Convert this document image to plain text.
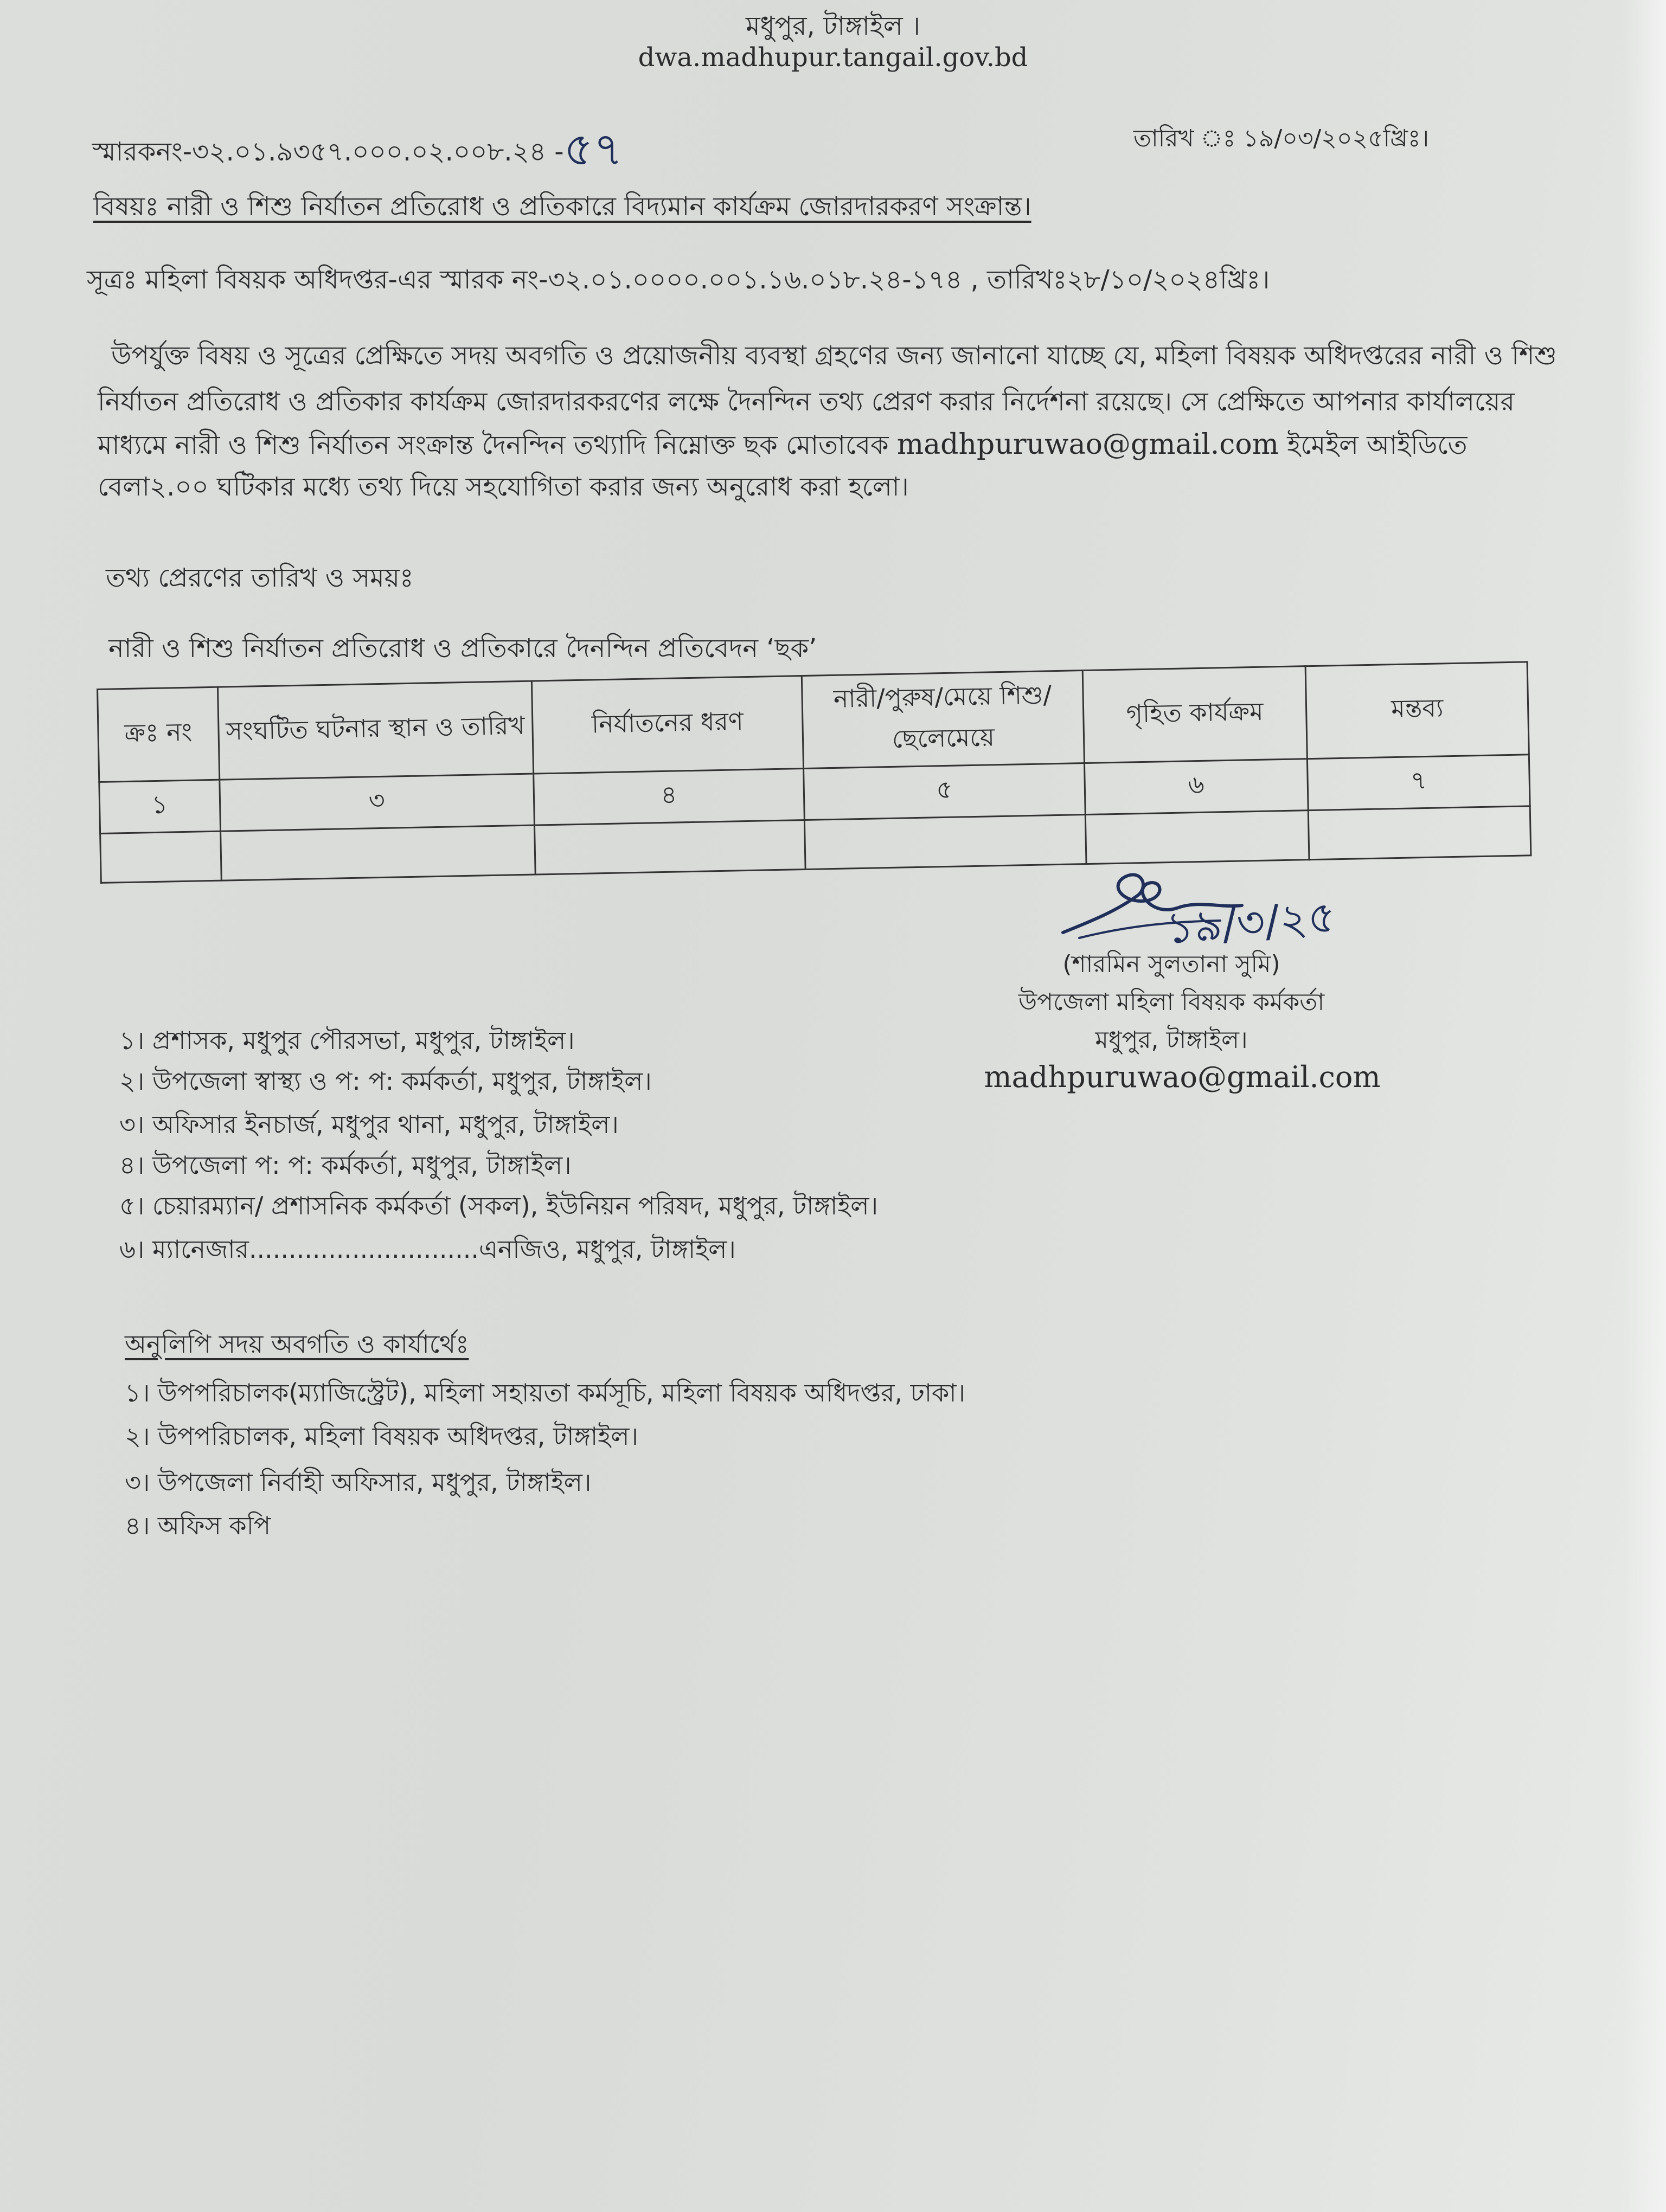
মধুপুর, টাঙ্গাইল ।
dwa.madhupur.tangail.gov.bd
স্মারকনং-৩২.০১.৯৩৫৭.০০০.০২.০০৮.২৪ -৫৭	তারিখ ঃ ১৯/০৩/২০২৫খ্রিঃ।
বিষয়ঃ নারী ও শিশু নির্যাতন প্রতিরোধ ও প্রতিকারে বিদ্যমান কার্যক্রম জোরদারকরণ সংক্রান্ত।
সূত্রঃ মহিলা বিষয়ক অধিদপ্তর-এর স্মারক নং-৩২.০১.০০০০.০০১.১৬.০১৮.২৪-১৭৪ , তারিখঃ২৮/১০/২০২৪খ্রিঃ।
উপর্যুক্ত বিষয় ও সূত্রের প্রেক্ষিতে সদয় অবগতি ও প্রয়োজনীয় ব্যবস্থা গ্রহণের জন্য জানানো যাচ্ছে যে, মহিলা বিষয়ক অধিদপ্তরের নারী ও শিশু
নির্যাতন প্রতিরোধ ও প্রতিকার কার্যক্রম জোরদারকরণের লক্ষে দৈনন্দিন তথ্য প্রেরণ করার নির্দেশনা রয়েছে। সে প্রেক্ষিতে আপনার কার্যালয়ের
মাধ্যমে নারী ও শিশু নির্যাতন সংক্রান্ত দৈনন্দিন তথ্যাদি নিম্নোক্ত ছক মোতাবেক madhpuruwao@gmail.com ইমেইল আইডিতে
বেলা২.০০ ঘটিকার মধ্যে তথ্য দিয়ে সহযোগিতা করার জন্য অনুরোধ করা হলো।
তথ্য প্রেরণের তারিখ ও সময়ঃ
নারী ও শিশু নির্যাতন প্রতিরোধ ও প্রতিকারে দৈনন্দিন প্রতিবেদন ‘ছক’
ক্রঃ নং	সংঘটিত ঘটনার স্থান ও তারিখ	নির্যাতনের ধরণ	নারী/পুরুষ/মেয়ে শিশু/ছেলেমেয়ে	গৃহিত কার্যক্রম	মন্তব্য
১	৩	৪	৫	৬	৭

১৯/৩/২৫
(শারমিন সুলতানা সুমি)
উপজেলা মহিলা বিষয়ক কর্মকর্তা
মধুপুর, টাঙ্গাইল।
madhpuruwao@gmail.com
১। প্রশাসক, মধুপুর পৌরসভা, মধুপুর, টাঙ্গাইল।
২। উপজেলা স্বাস্থ্য ও প: প: কর্মকর্তা, মধুপুর, টাঙ্গাইল।
৩। অফিসার ইনচার্জ, মধুপুর থানা, মধুপুর, টাঙ্গাইল।
৪। উপজেলা প: প: কর্মকর্তা, মধুপুর, টাঙ্গাইল।
৫। চেয়ারম্যান/ প্রশাসনিক কর্মকর্তা (সকল), ইউনিয়ন পরিষদ, মধুপুর, টাঙ্গাইল।
৬। ম্যানেজার.............................এনজিও, মধুপুর, টাঙ্গাইল।
অনুলিপি সদয় অবগতি ও কার্যার্থেঃ
১। উপপরিচালক(ম্যাজিস্ট্রেট), মহিলা সহায়তা কর্মসূচি, মহিলা বিষয়ক অধিদপ্তর, ঢাকা।
২। উপপরিচালক, মহিলা বিষয়ক অধিদপ্তর, টাঙ্গাইল।
৩। উপজেলা নির্বাহী অফিসার, মধুপুর, টাঙ্গাইল।
৪। অফিস কপি
